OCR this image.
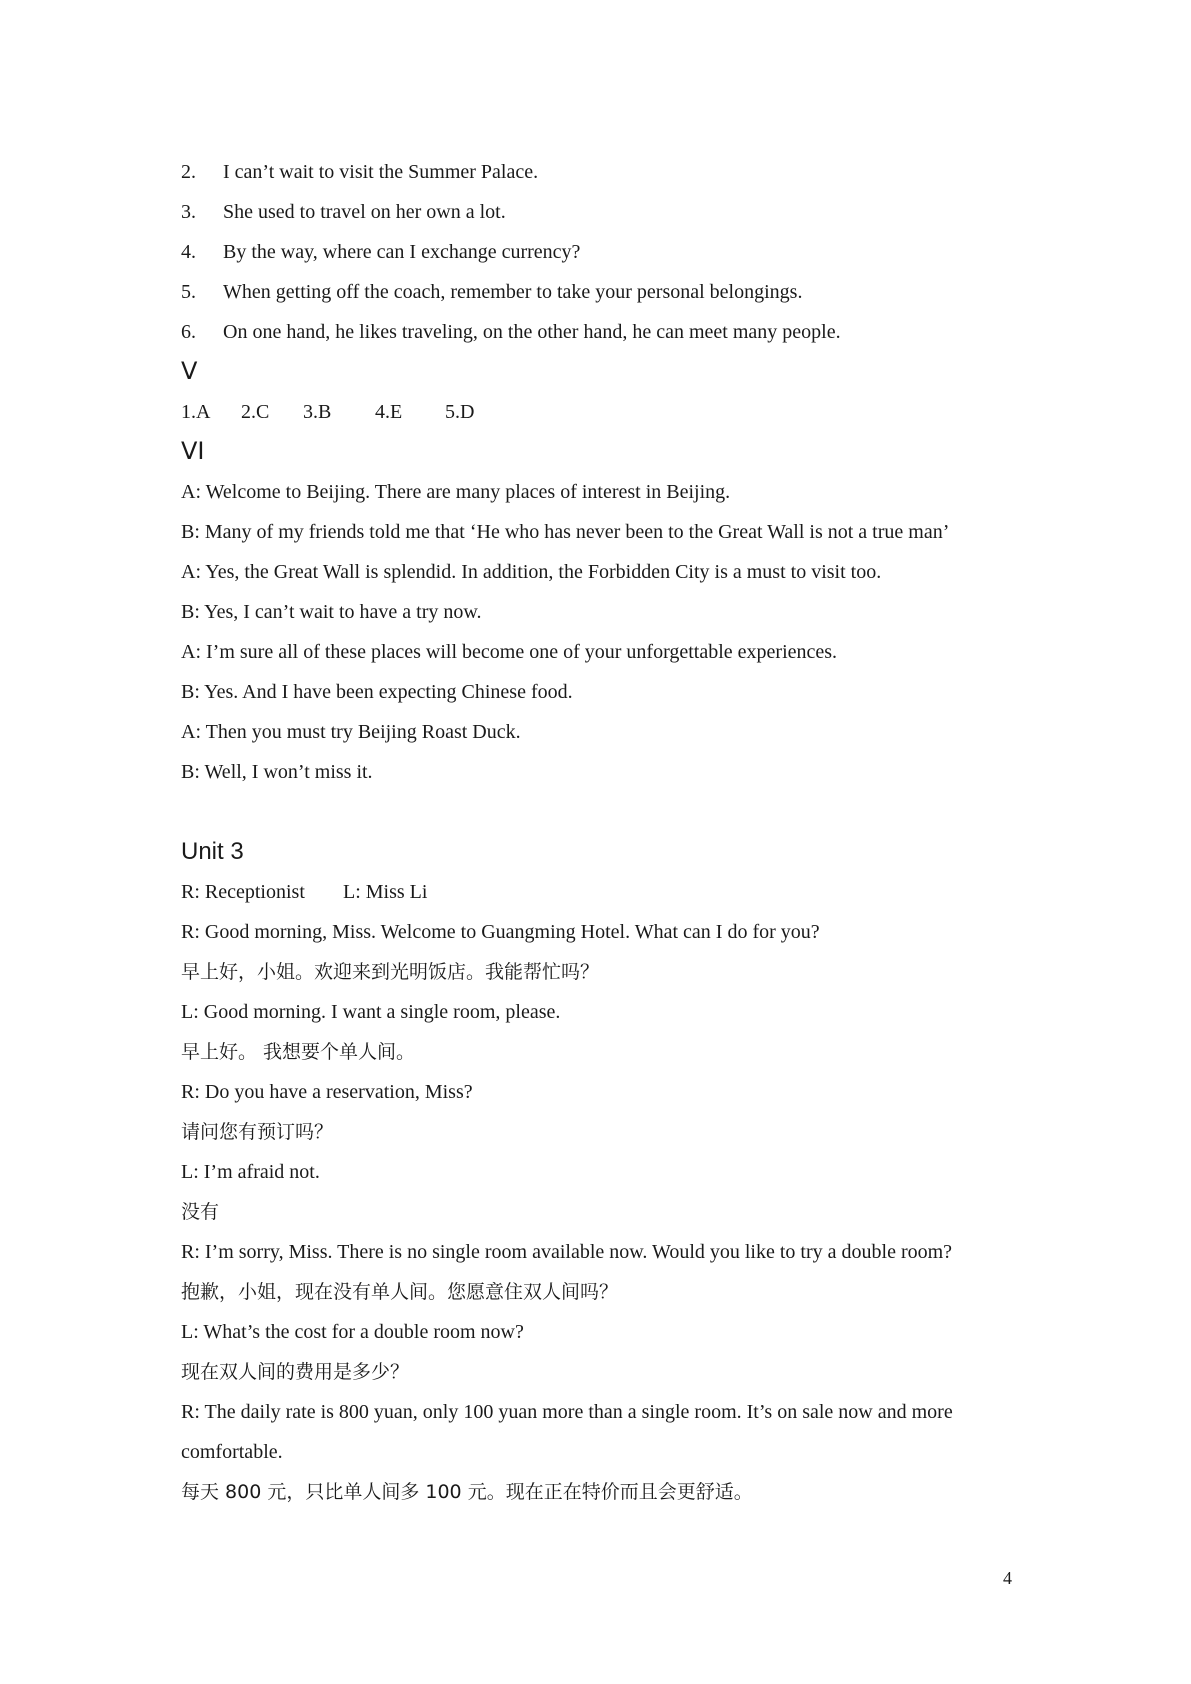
2.	I can’t wait to visit the Summer Palace.
3.	She used to travel on her own a lot.
4.	By the way, where can I exchange currency?
5.	When getting off the coach, remember to take your personal belongings.
6.	On one hand, he likes traveling, on the other hand, he can meet many people.
Ⅴ
1.A	2.C	3.B	4.E	5.D
ⅤⅠ
A: Welcome to Beijing. There are many places of interest in Beijing.
B: Many of my friends told me that ‘He who has never been to the Great Wall is not a true man’
A: Yes, the Great Wall is splendid. In addition, the Forbidden City is a must to visit too.
B: Yes, I can’t wait to have a try now.
A: I’m sure all of these places will become one of your unforgettable experiences.
B: Yes. And I have been expecting Chinese food.
A: Then you must try Beijing Roast Duck.
B: Well, I won’t miss it.
Unit 3
R: Receptionist	L: Miss Li
R: Good morning, Miss. Welcome to Guangming Hotel. What can I do for you?
早上好，小姐。欢迎来到光明饭店。我能帮忙吗？
L: Good morning. I want a single room, please.
早上好。 我想要个单人间。
R: Do you have a reservation, Miss?
请问您有预订吗？
L: I’m afraid not.
没有
R: I’m sorry, Miss. There is no single room available now. Would you like to try a double room?
抱歉，小姐，现在没有单人间。您愿意住双人间吗？
L: What’s the cost for a double room now?
现在双人间的费用是多少？
R: The daily rate is 800 yuan, only 100 yuan more than a single room. It’s on sale now and more
comfortable.
每天 800 元，只比单人间多 100 元。现在正在特价而且会更舒适。
4
